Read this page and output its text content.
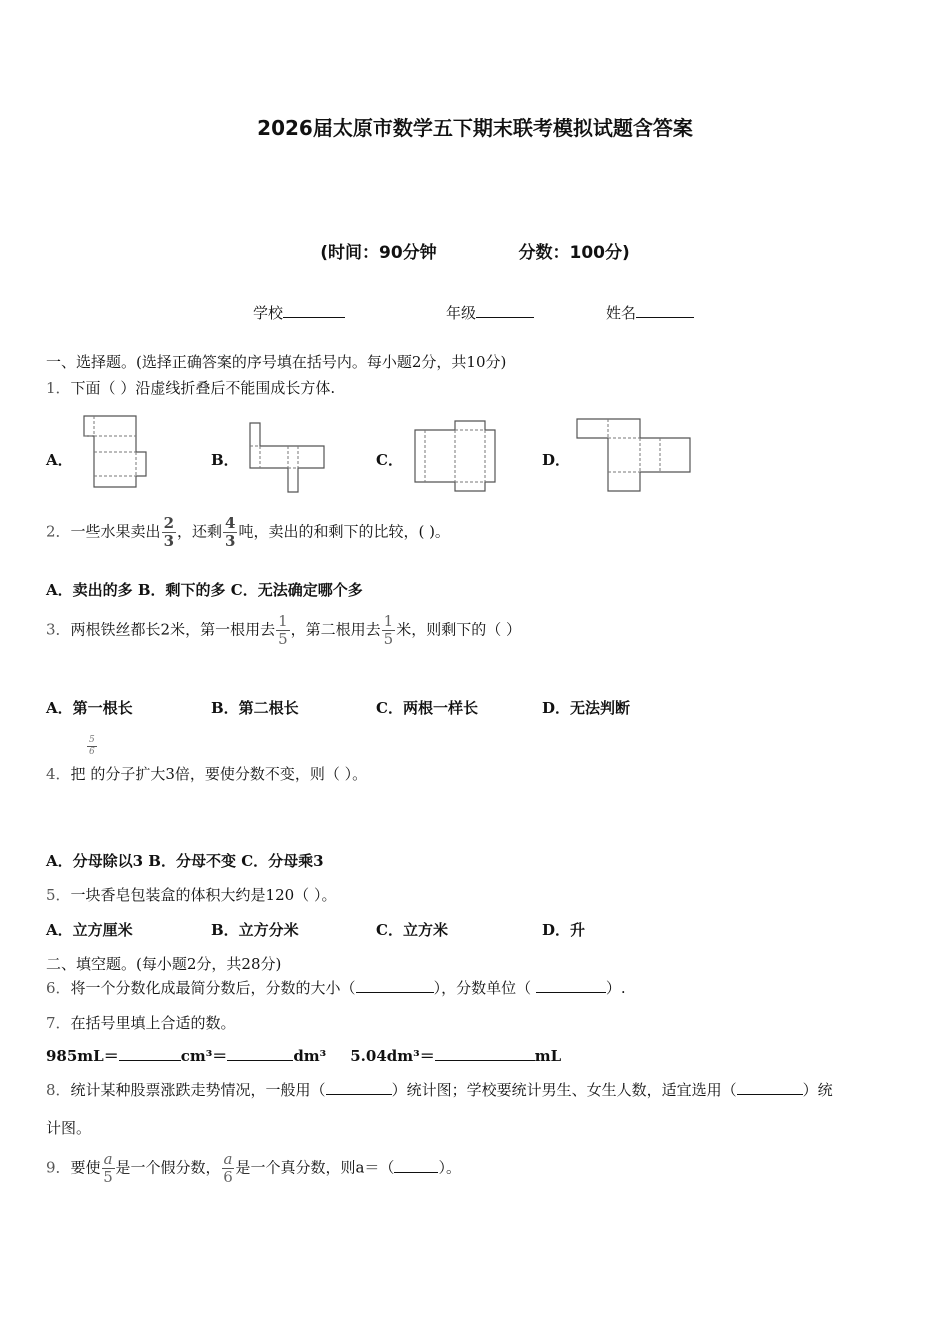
2026届太原市数学五下期末联考模拟试题含答案
(时间：90分钟	分数：100分)
学校	年级	姓名
一、选择题。(选择正确答案的序号填在括号内。每小题2分，共10分)
1．下面（ ）沿虚线折叠后不能围成长方体.
A．	B．	C．	D．
2．一些水果卖出 $\frac{2}{3}$ ，还剩 $\frac{4}{3}$ 吨，卖出的和剩下的比较，( )。
A．卖出的多 B．剩下的多 C．无法确定哪个多
3．两根铁丝都长2米，第一根用去 $\frac{1}{5}$ ，第二根用去 $\frac{1}{5}$ 米，则剩下的（ ）
A．第一根长	B．第二根长	C．两根一样长	D．无法判断
4．把 的分子扩大3倍，要使分数不变，则（ ）。
$\frac{5}{6}$
A．分母除以3 B．分母不变 C．分母乘3
5．一块香皂包装盒的体积大约是120（ ）。
A．立方厘米	B．立方分米	C．立方米	D．升
二、填空题。(每小题2分，共28分)
6．将一个分数化成最简分数后，分数的大小（	），分数单位（	）.
7．在括号里填上合适的数。
985mL＝	cm³＝	dm³ 5.04dm³＝	mL
8．统计某种股票涨跌走势情况，一般用（	）统计图；学校要统计男生、女生人数，适宜选用（	）统
计图。
9．要使 $\frac{a}{5}$ 是一个假分数， $\frac{a}{6}$ 是一个真分数，则a＝（	）。
